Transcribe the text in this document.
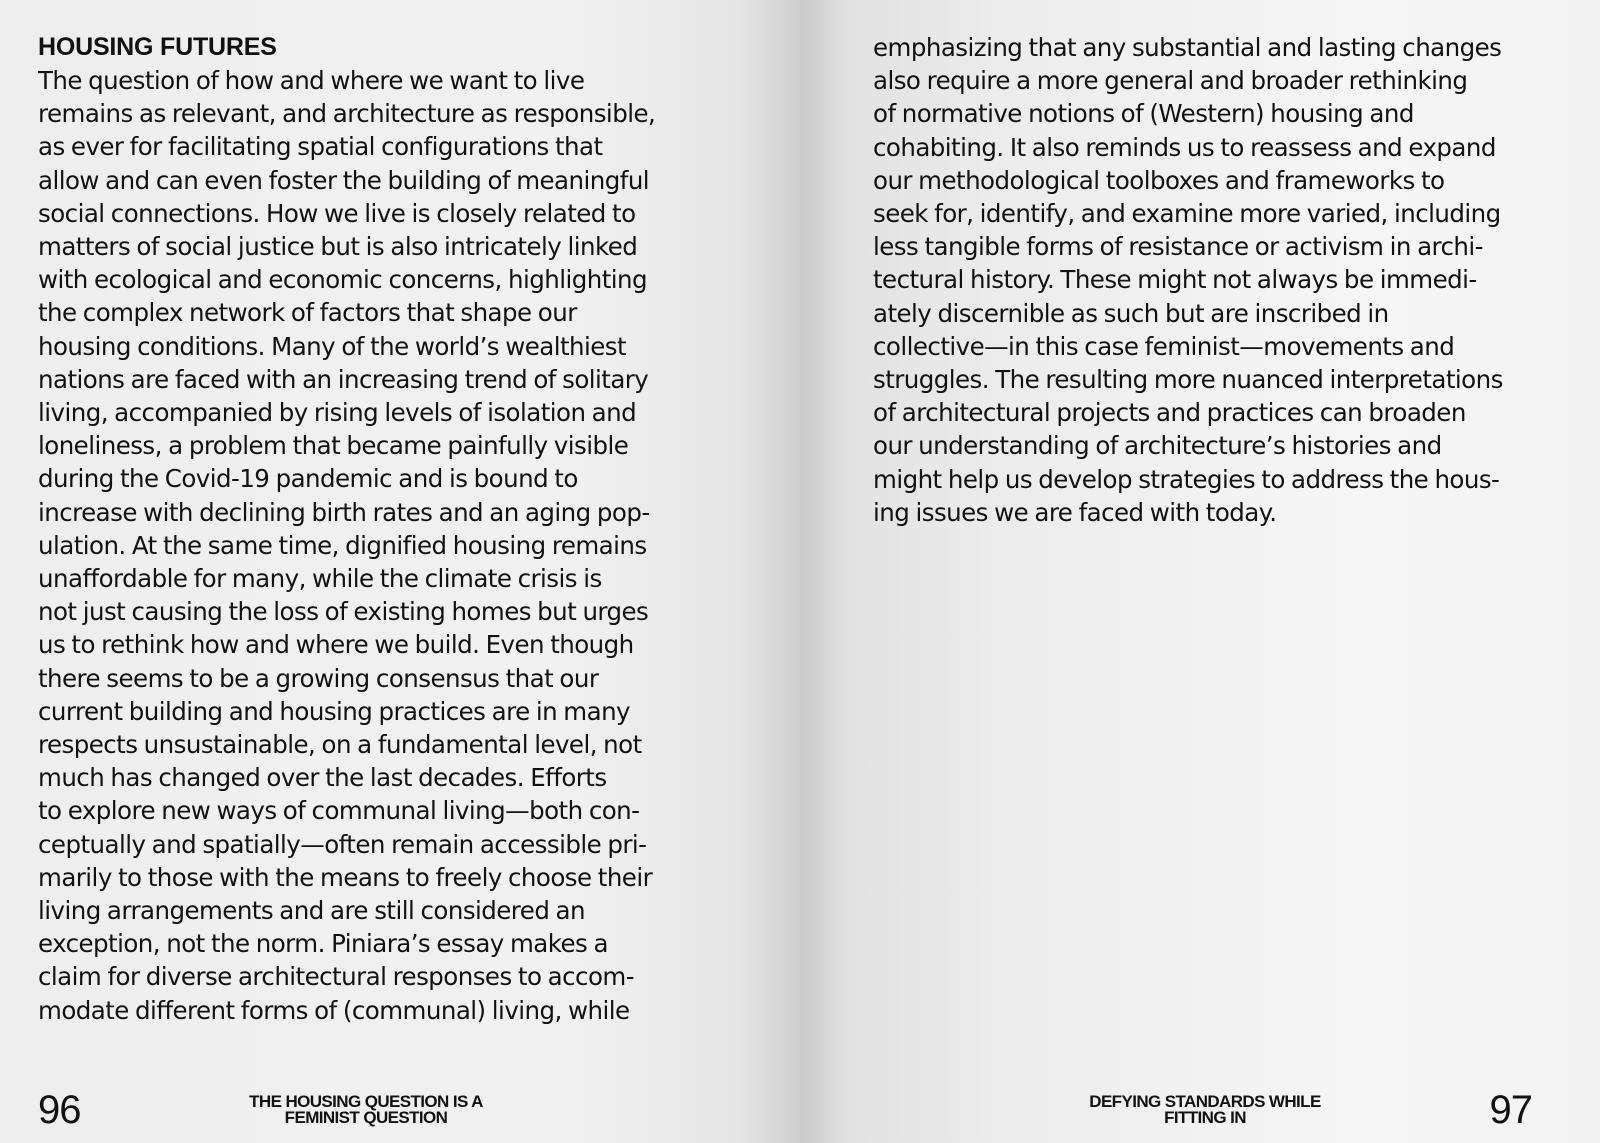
HOUSING FUTURES
The question of how and where we want to live
remains as relevant, and architecture as responsible,
as ever for facilitating spatial configurations that
allow and can even foster the building of meaningful
social connections. How we live is closely related to
matters of social justice but is also intricately linked
with ecological and economic concerns, highlighting
the complex network of factors that shape our
housing conditions. Many of the world’s wealthiest
nations are faced with an increasing trend of solitary
living, accompanied by rising levels of isolation and
loneliness, a problem that became painfully visible
during the Covid-19 pandemic and is bound to
increase with declining birth rates and an aging pop-
ulation. At the same time, dignified housing remains
unaffordable for many, while the climate crisis is
not just causing the loss of existing homes but urges
us to rethink how and where we build. Even though
there seems to be a growing consensus that our
current building and housing practices are in many
respects unsustainable, on a fundamental level, not
much has changed over the last decades. Efforts
to explore new ways of communal living—both con-
ceptually and spatially—often remain accessible pri-
marily to those with the means to freely choose their
living arrangements and are still considered an
exception, not the norm. Piniara’s essay makes a
claim for diverse architectural responses to accom-
modate different forms of (communal) living, while
96	THE HOUSING QUESTION IS A
FEMINIST QUESTION
emphasizing that any substantial and lasting changes
also require a more general and broader rethinking
of normative notions of (Western) housing and
cohabiting. It also reminds us to reassess and expand
our methodological toolboxes and frameworks to
seek for, identify, and examine more varied, including
less tangible forms of resistance or activism in archi-
tectural history. These might not always be immedi-
ately discernible as such but are inscribed in
collective—in this case feminist—movements and
struggles. The resulting more nuanced interpretations
of architectural projects and practices can broaden
our understanding of architecture’s histories and
might help us develop strategies to address the hous-
ing issues we are faced with today.
DEFYING STANDARDS WHILE
FITTING IN	97
